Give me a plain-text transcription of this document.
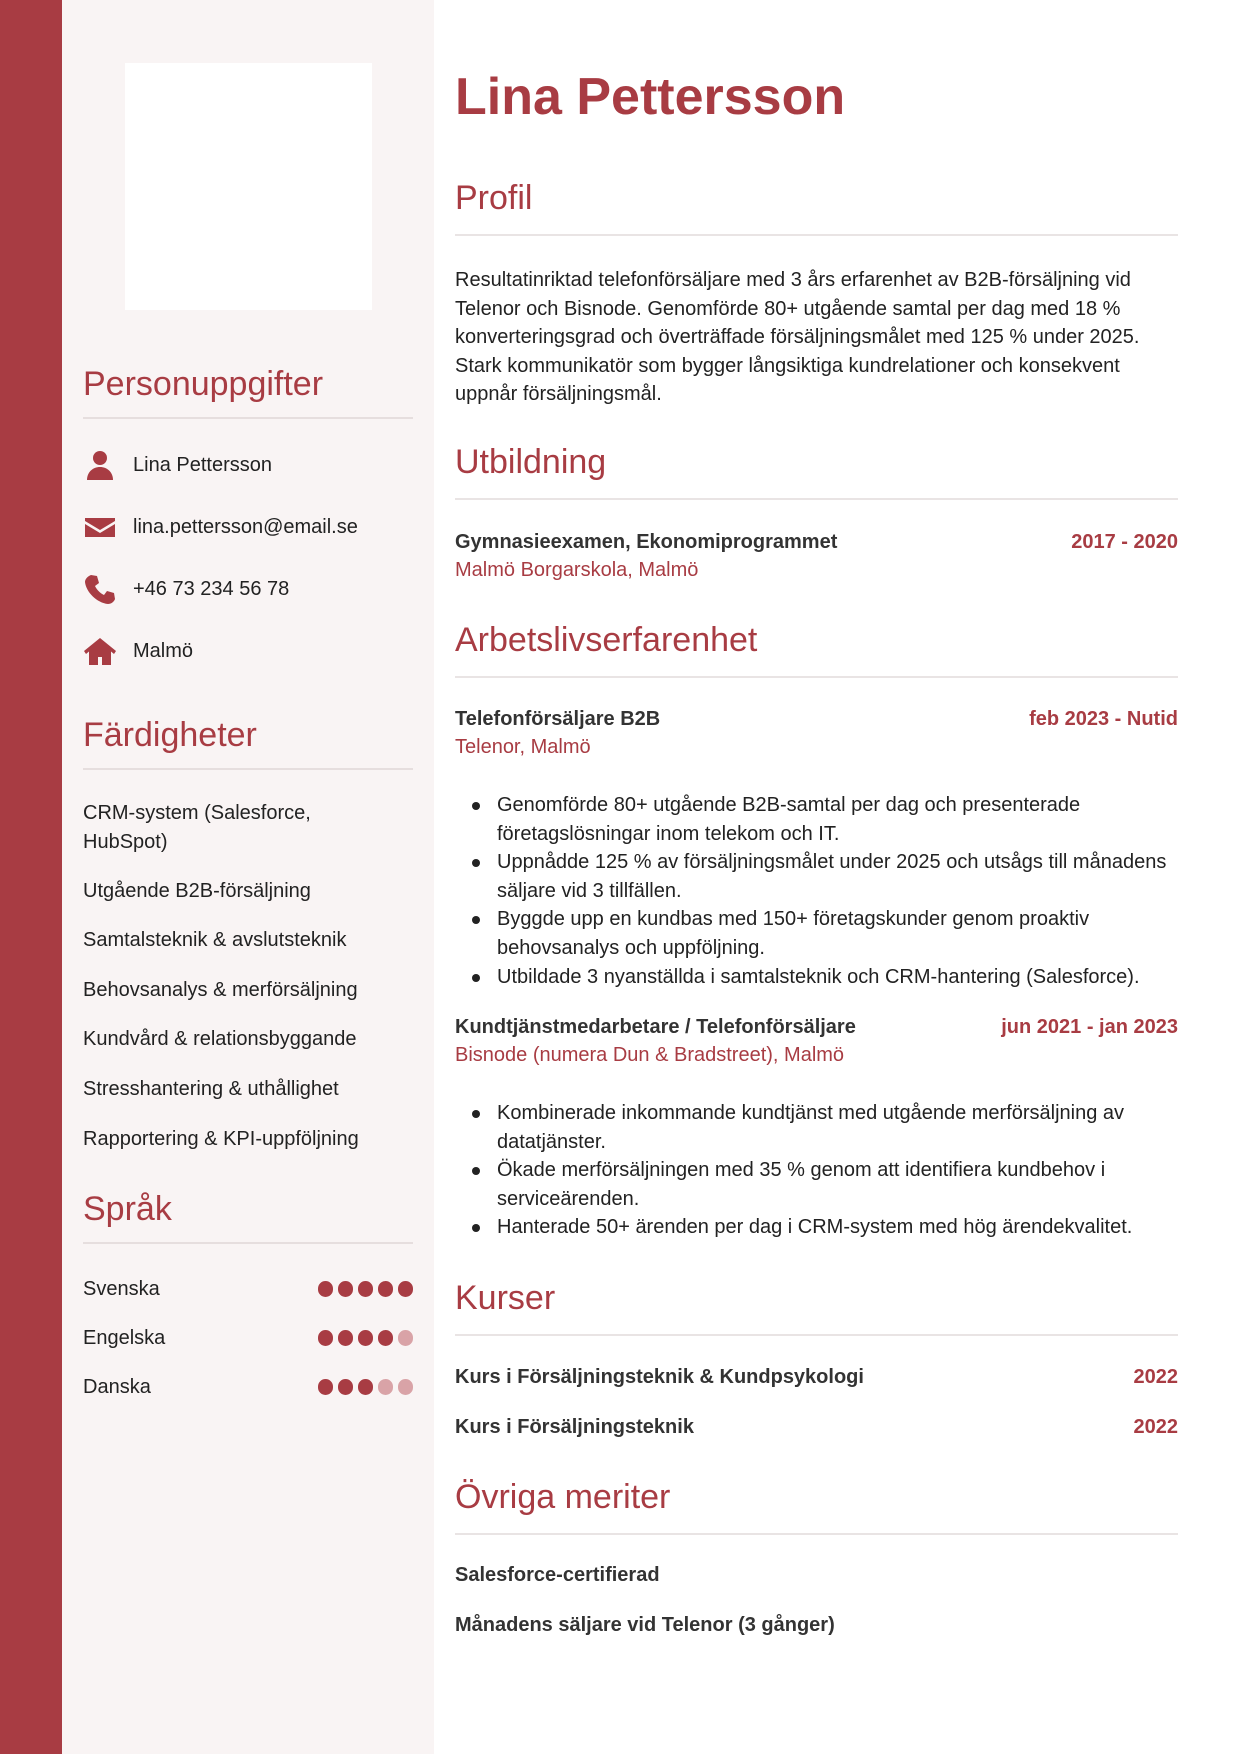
Personuppgifter
Lina Pettersson
lina.pettersson@email.se
+46 73 234 56 78
Malmö
Färdigheter
CRM-system (Salesforce, HubSpot)
Utgående B2B-försäljning
Samtalsteknik & avslutsteknik
Behovsanalys & merförsäljning
Kundvård & relationsbyggande
Stresshantering & uthållighet
Rapportering & KPI-uppföljning
Språk
Svenska
Engelska
Danska
Lina Pettersson
Profil

Resultatinriktad telefonförsäljare med 3 års erfarenhet av B2B-försäljning vid Telenor och Bisnode. Genomförde 80+ utgående samtal per dag med 18 % konverteringsgrad och överträffade försäljningsmålet med 125 % under 2025. Stark kommunikatör som bygger långsiktiga kundrelationer och konsekvent uppnår försäljningsmål.

Utbildning
Gymnasieexamen, Ekonomiprogrammet	2017 - 2020
Malmö Borgarskola, Malmö
Arbetslivserfarenhet
Telefonförsäljare B2B	feb 2023 - Nutid
Telenor, Malmö
Genomförde 80+ utgående B2B-samtal per dag och presenterade företagslösningar inom telekom och IT.
Uppnådde 125 % av försäljningsmålet under 2025 och utsågs till månadens säljare vid 3 tillfällen.
Byggde upp en kundbas med 150+ företagskunder genom proaktiv behovsanalys och uppföljning.
Utbildade 3 nyanställda i samtalsteknik och CRM-hantering (Salesforce).
Kundtjänstmedarbetare / Telefonförsäljare	jun 2021 - jan 2023
Bisnode (numera Dun & Bradstreet), Malmö
Kombinerade inkommande kundtjänst med utgående merförsäljning av datatjänster.
Ökade merförsäljningen med 35 % genom att identifiera kundbehov i serviceärenden.
Hanterade 50+ ärenden per dag i CRM-system med hög ärendekvalitet.
Kurser
Kurs i Försäljningsteknik & Kundpsykologi	2022
Kurs i Försäljningsteknik	2022
Övriga meriter
Salesforce-certifierad
Månadens säljare vid Telenor (3 gånger)
